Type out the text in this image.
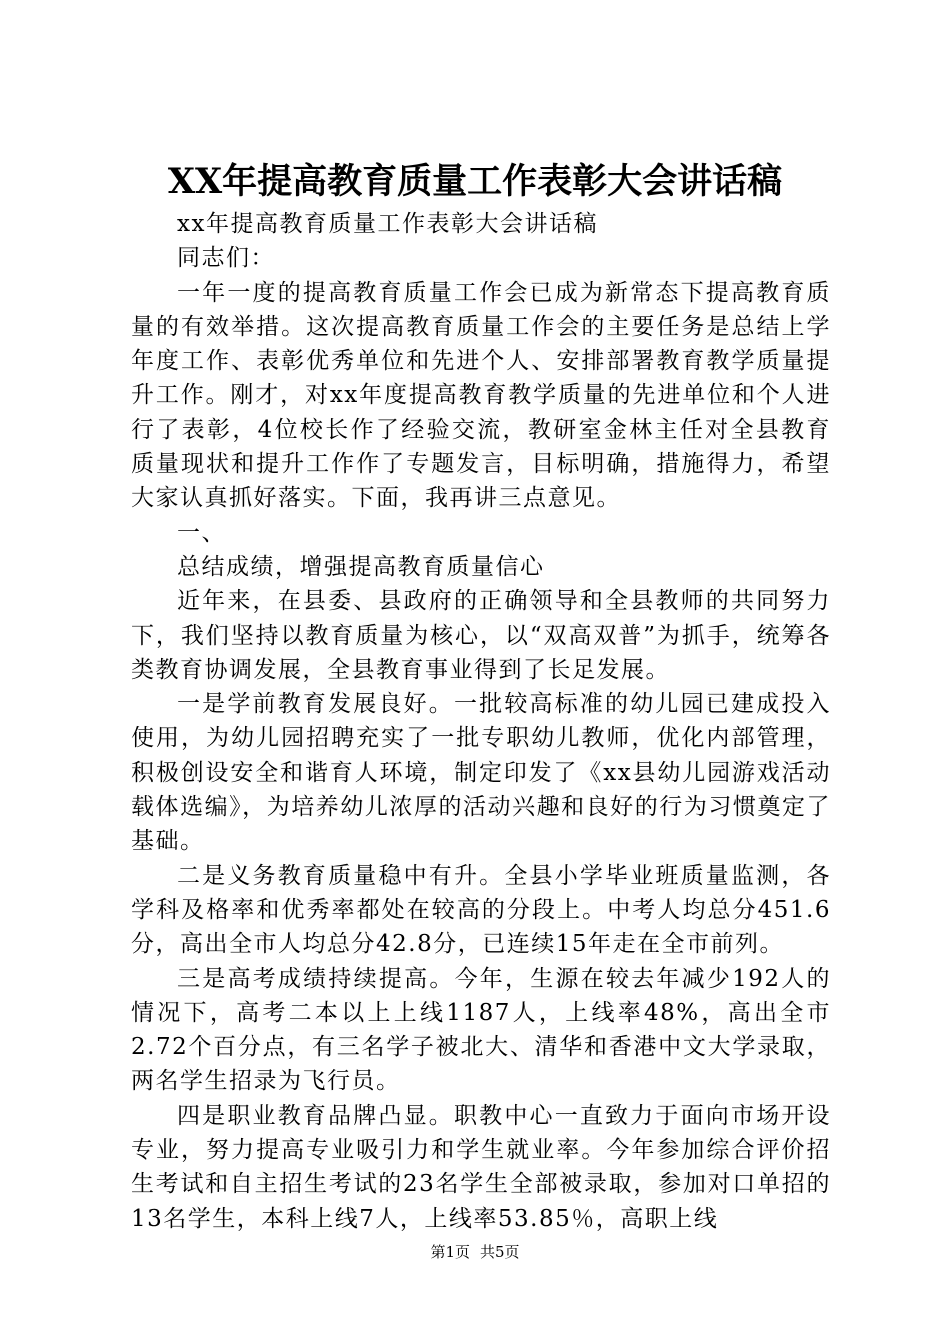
XX年提高教育质量工作表彰大会讲话稿

xx年提高教育质量工作表彰大会讲话稿

同志们：

一年一度的提高教育质量工作会已成为新常态下提高教育质量的有效举措。这次提高教育质量工作会的主要任务是总结上学年度工作、表彰优秀单位和先进个人、安排部署教育教学质量提升工作。刚才，对xx年度提高教育教学质量的先进单位和个人进行了表彰，4位校长作了经验交流，教研室金林主任对全县教育质量现状和提升工作作了专题发言，目标明确，措施得力，希望大家认真抓好落实。下面，我再讲三点意见。

一、

总结成绩，增强提高教育质量信心

近年来，在县委、县政府的正确领导和全县教师的共同努力下，我们坚持以教育质量为核心，以“双高双普”为抓手，统筹各类教育协调发展，全县教育事业得到了长足发展。

一是学前教育发展良好。一批较高标准的幼儿园已建成投入使用，为幼儿园招聘充实了一批专职幼儿教师，优化内部管理，积极创设安全和谐育人环境，制定印发了《xx县幼儿园游戏活动载体选编》，为培养幼儿浓厚的活动兴趣和良好的行为习惯奠定了基础。

二是义务教育质量稳中有升。全县小学毕业班质量监测，各学科及格率和优秀率都处在较高的分段上。中考人均总分451.6分，高出全市人均总分42.8分，已连续15年走在全市前列。

三是高考成绩持续提高。今年，生源在较去年减少192人的情况下，高考二本以上上线1187人，上线率48%，高出全市2.72个百分点，有三名学子被北大、清华和香港中文大学录取，两名学生招录为飞行员。

四是职业教育品牌凸显。职教中心一直致力于面向市场开设专业，努力提高专业吸引力和学生就业率。今年参加综合评价招生考试和自主招生考试的23名学生全部被录取，参加对口单招的13名学生，本科上线7人，上线率53.85％，高职上线

第1页 共5页
